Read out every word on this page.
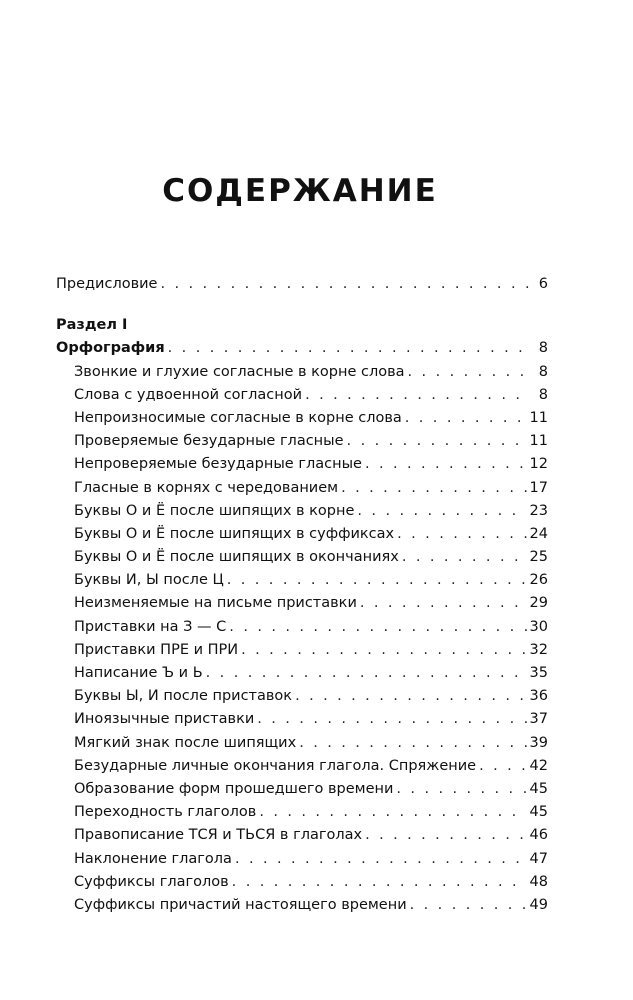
СОДЕРЖАНИЕ
Предисловие . . .	6
Раздел I
Орфография . . .	8
Звонкие и глухие согласные в корне слова . . .	8
Слова с удвоенной согласной . . .	8
Непроизносимые согласные в корне слова . . .	11
Проверяемые безударные гласные . . .	11
Непроверяемые безударные гласные . . .	12
Гласные в корнях с чередованием . . .	17
Буквы О и Ё после шипящих в корне . . .	23
Буквы О и Ё после шипящих в суффиксах . . .	24
Буквы О и Ё после шипящих в окончаниях . . .	25
Буквы И, Ы после Ц . . .	26
Неизменяемые на письме приставки . . .	29
Приставки на З — С . . .	30
Приставки ПРЕ и ПРИ . . .	32
Написание Ъ и Ь . . .	35
Буквы Ы, И после приставок . . .	36
Иноязычные приставки . . .	37
Мягкий знак после шипящих . . .	39
Безударные личные окончания глагола. Спряжение . . .	42
Образование форм прошедшего времени . . .	45
Переходность глаголов . . .	45
Правописание ТСЯ и ТЬСЯ в глаголах . . .	46
Наклонение глагола . . .	47
Суффиксы глаголов . . .	48
Суффиксы причастий настоящего времени . . .	49
